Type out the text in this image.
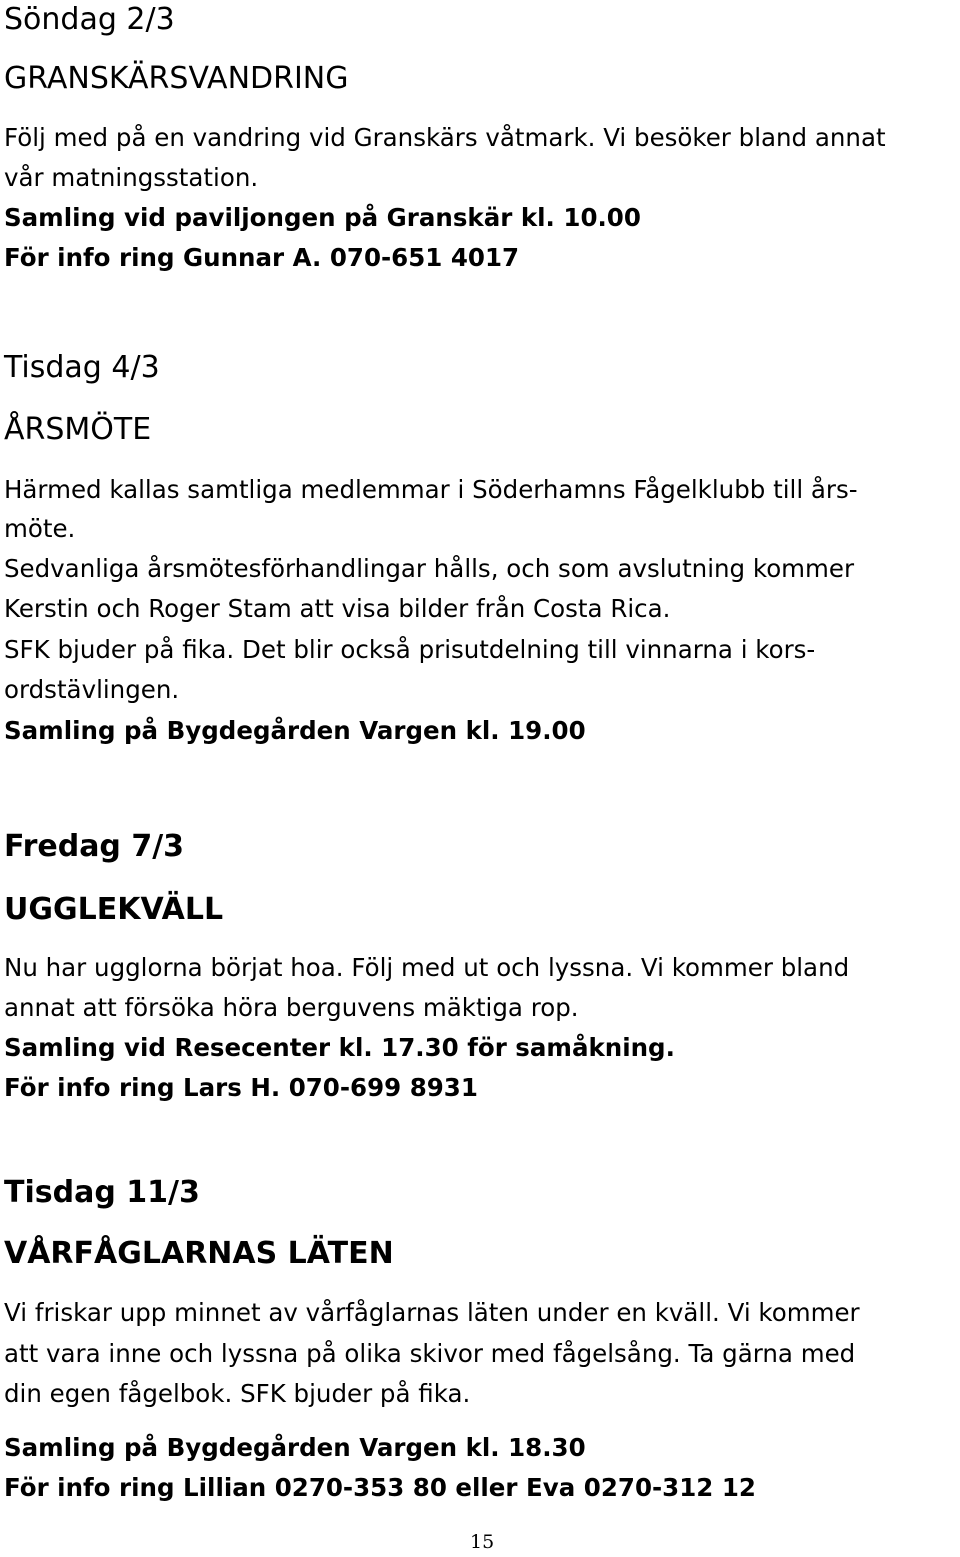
Söndag 2/3
GRANSKÄRSVANDRING
Följ med på en vandring vid Granskärs våtmark. Vi besöker bland annat
vår matningsstation.
Samling vid paviljongen på Granskär kl. 10.00
För info ring Gunnar A. 070-651 4017
Tisdag 4/3
ÅRSMÖTE
Härmed kallas samtliga medlemmar i Söderhamns Fågelklubb till års-
möte.
Sedvanliga årsmötesförhandlingar hålls, och som avslutning kommer
Kerstin och Roger Stam att visa bilder från Costa Rica.
SFK bjuder på fika. Det blir också prisutdelning till vinnarna i kors-
ordstävlingen.
Samling på Bygdegården Vargen kl. 19.00
Fredag 7/3
UGGLEKVÄLL
Nu har ugglorna börjat hoa. Följ med ut och lyssna. Vi kommer bland
annat att försöka höra berguvens mäktiga rop.
Samling vid Resecenter kl. 17.30 för samåkning.
För info ring Lars H. 070-699 8931
Tisdag 11/3
VÅRFÅGLARNAS LÄTEN
Vi friskar upp minnet av vårfåglarnas läten under en kväll. Vi kommer
att vara inne och lyssna på olika skivor med fågelsång. Ta gärna med
din egen fågelbok. SFK bjuder på fika.
Samling på Bygdegården Vargen kl. 18.30
För info ring Lillian 0270-353 80 eller Eva 0270-312 12
15
